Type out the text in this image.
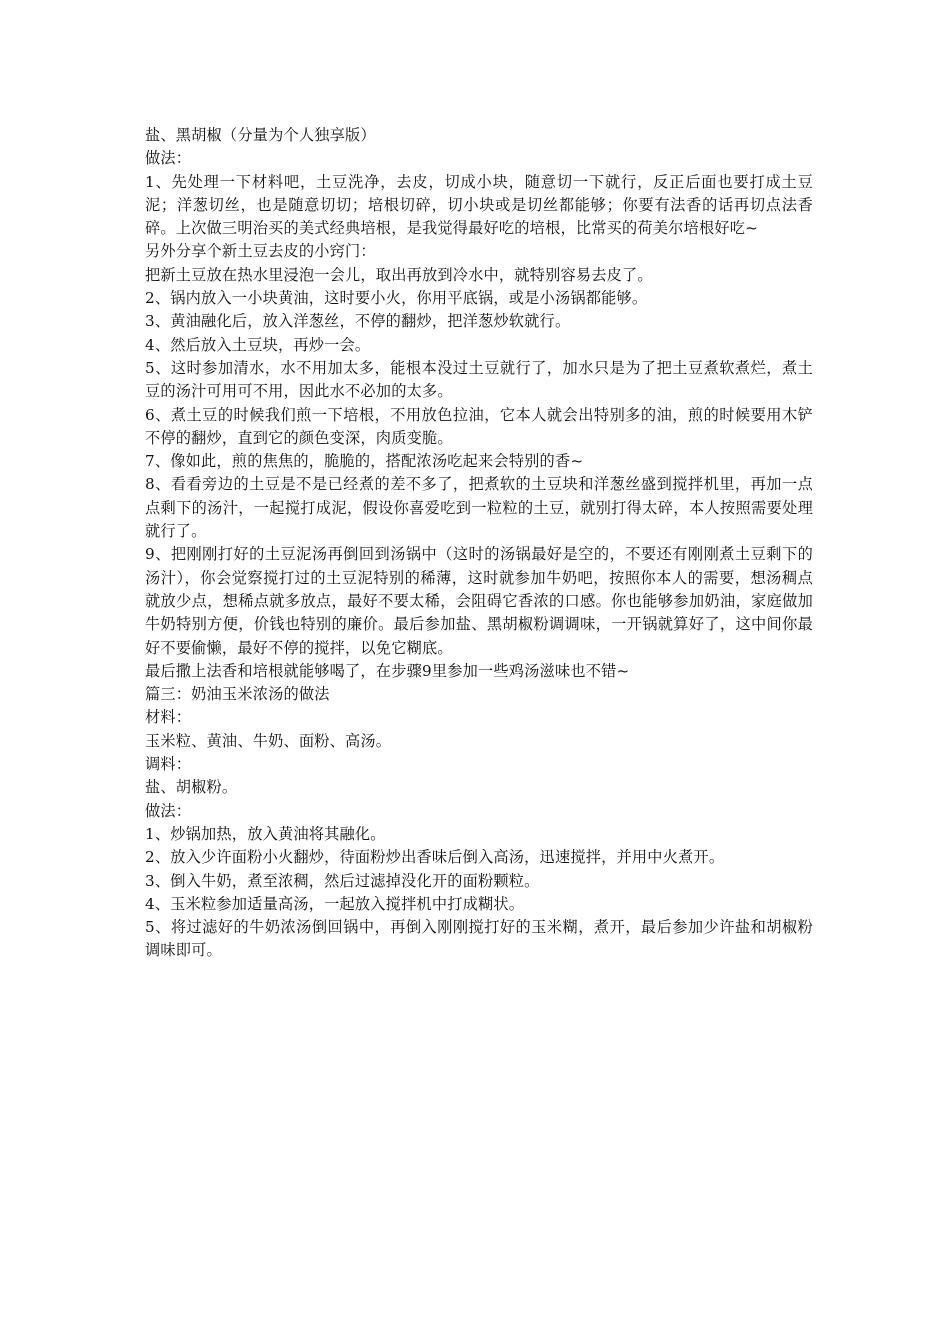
盐、黑胡椒（分量为个人独享版）

做法：

1、先处理一下材料吧，土豆洗净，去皮，切成小块，随意切一下就行，反正后面也要打成土豆泥；洋葱切丝，也是随意切切；培根切碎，切小块或是切丝都能够；你要有法香的话再切点法香碎。上次做三明治买的美式经典培根，是我觉得最好吃的培根，比常买的荷美尔培根好吃~

另外分享个新土豆去皮的小窍门：

把新土豆放在热水里浸泡一会儿，取出再放到冷水中，就特别容易去皮了。

2、锅内放入一小块黄油，这时要小火，你用平底锅，或是小汤锅都能够。

3、黄油融化后，放入洋葱丝，不停的翻炒，把洋葱炒软就行。

4、然后放入土豆块，再炒一会。

5、这时参加清水，水不用加太多，能根本没过土豆就行了，加水只是为了把土豆煮软煮烂，煮土豆的汤汁可用可不用，因此水不必加的太多。

6、煮土豆的时候我们煎一下培根，不用放色拉油，它本人就会出特别多的油，煎的时候要用木铲不停的翻炒，直到它的颜色变深，肉质变脆。

7、像如此，煎的焦焦的，脆脆的，搭配浓汤吃起来会特别的香~

8、看看旁边的土豆是不是已经煮的差不多了，把煮软的土豆块和洋葱丝盛到搅拌机里，再加一点点剩下的汤汁，一起搅打成泥，假设你喜爱吃到一粒粒的土豆，就别打得太碎，本人按照需要处理就行了。

9、把刚刚打好的土豆泥汤再倒回到汤锅中（这时的汤锅最好是空的，不要还有刚刚煮土豆剩下的汤汁），你会觉察搅打过的土豆泥特别的稀薄，这时就参加牛奶吧，按照你本人的需要，想汤稠点就放少点，想稀点就多放点，最好不要太稀，会阻碍它香浓的口感。你也能够参加奶油，家庭做加牛奶特别方便，价钱也特别的廉价。最后参加盐、黑胡椒粉调调味，一开锅就算好了，这中间你最好不要偷懒，最好不停的搅拌，以免它糊底。

最后撒上法香和培根就能够喝了，在步骤9里参加一些鸡汤滋味也不错~

篇三：奶油玉米浓汤的做法

材料：

玉米粒、黄油、牛奶、面粉、高汤。

调料：

盐、胡椒粉。

做法：

1、炒锅加热，放入黄油将其融化。

2、放入少许面粉小火翻炒，待面粉炒出香味后倒入高汤，迅速搅拌，并用中火煮开。

3、倒入牛奶，煮至浓稠，然后过滤掉没化开的面粉颗粒。

4、玉米粒参加适量高汤，一起放入搅拌机中打成糊状。

5、将过滤好的牛奶浓汤倒回锅中，再倒入刚刚搅打好的玉米糊，煮开，最后参加少许盐和胡椒粉调味即可。
